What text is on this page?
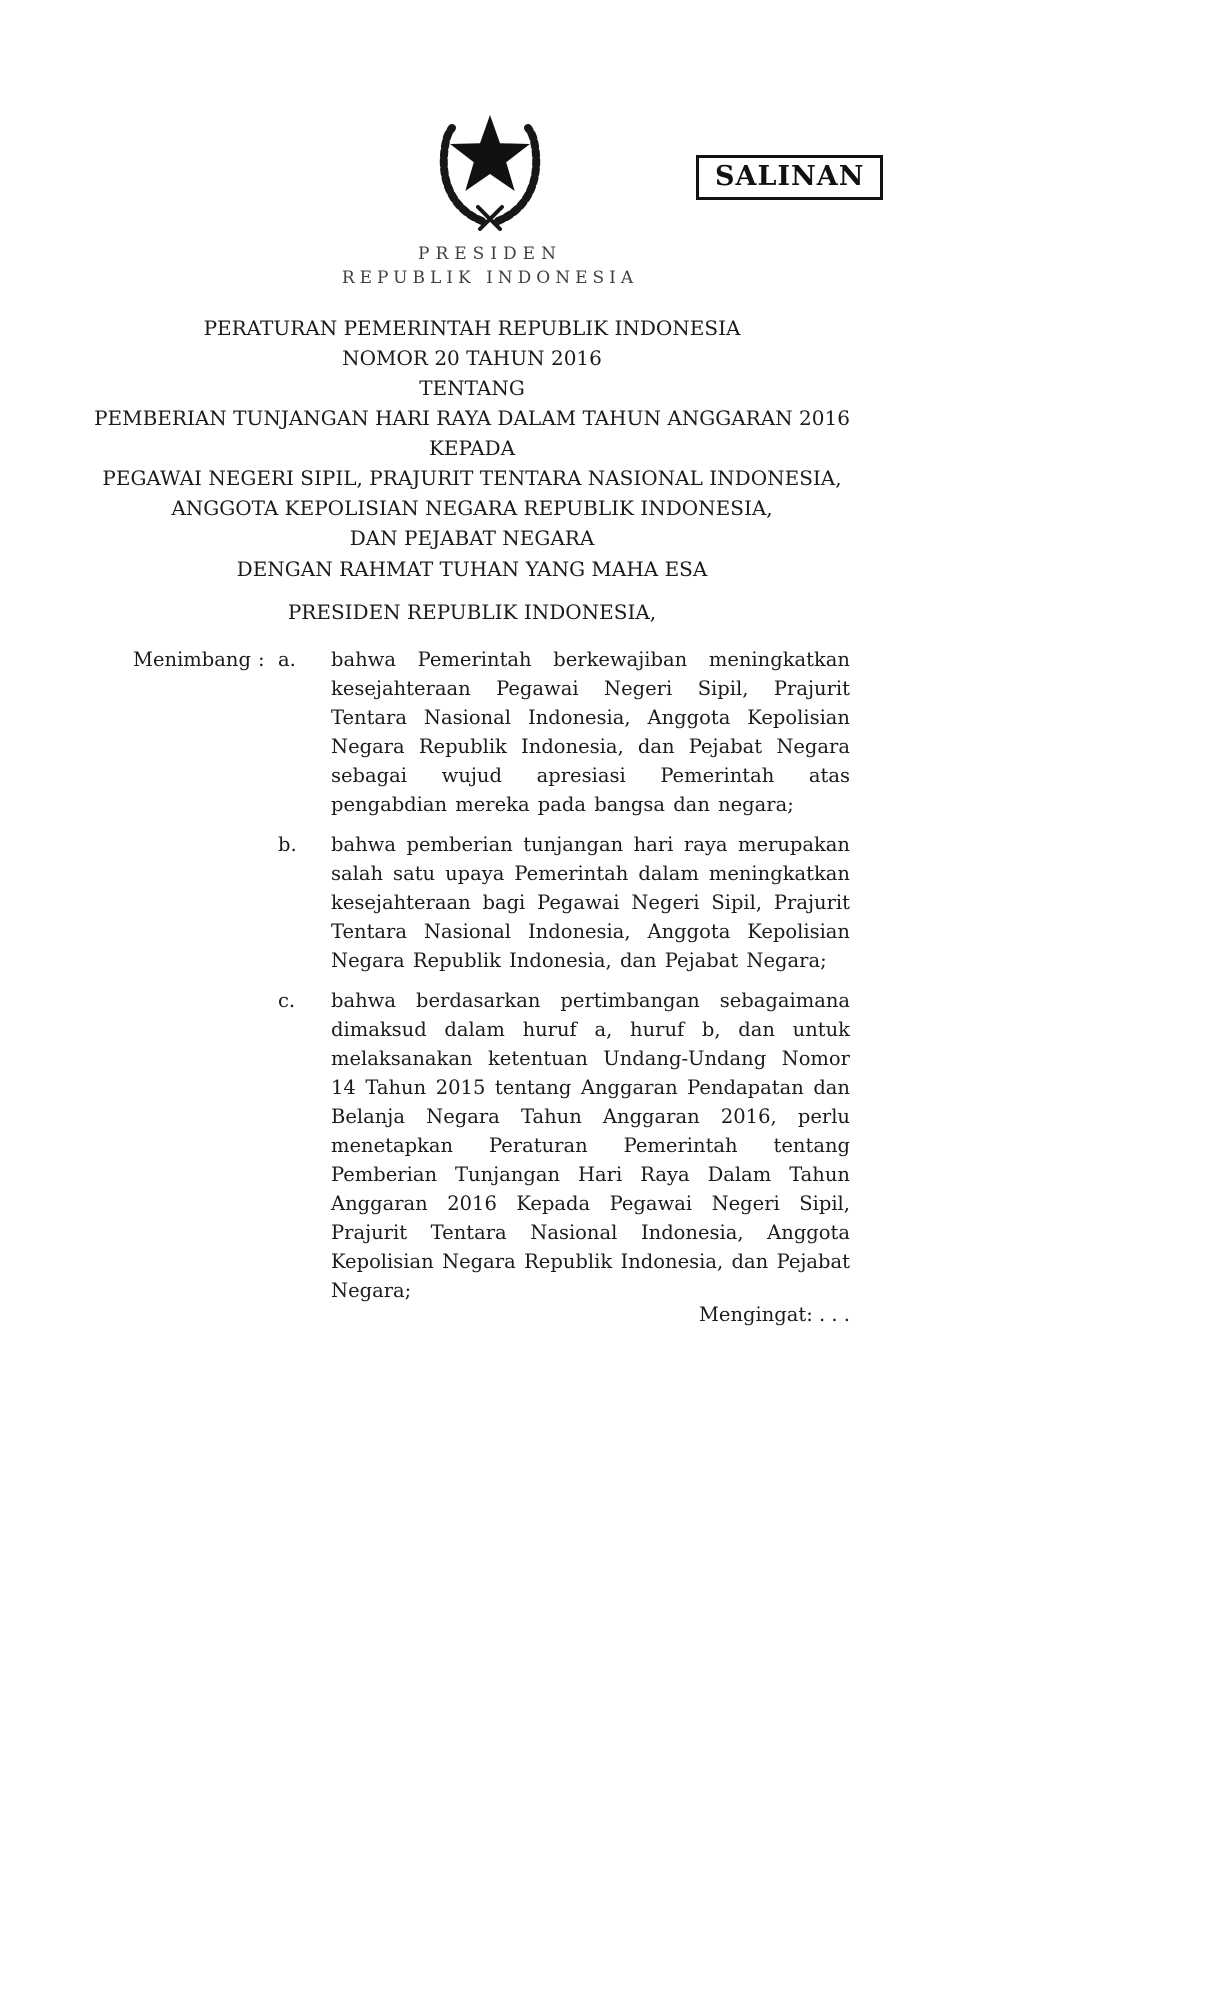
SALINAN
PRESIDEN
REPUBLIK INDONESIA
PERATURAN PEMERINTAH REPUBLIK INDONESIA
NOMOR 20 TAHUN 2016
TENTANG
PEMBERIAN TUNJANGAN HARI RAYA DALAM TAHUN ANGGARAN 2016 KEPADA
PEGAWAI NEGERI SIPIL, PRAJURIT TENTARA NASIONAL INDONESIA,
ANGGOTA KEPOLISIAN NEGARA REPUBLIK INDONESIA,
DAN PEJABAT NEGARA
DENGAN RAHMAT TUHAN YANG MAHA ESA
PRESIDEN REPUBLIK INDONESIA,
Menimbang : a.	bahwa Pemerintah berkewajiban meningkatkan kesejahteraan Pegawai Negeri Sipil, Prajurit Tentara Nasional Indonesia, Anggota Kepolisian Negara Republik Indonesia, dan Pejabat Negara sebagai wujud apresiasi Pemerintah atas pengabdian mereka pada bangsa dan negara;

b.	bahwa pemberian tunjangan hari raya merupakan salah satu upaya Pemerintah dalam meningkatkan kesejahteraan bagi Pegawai Negeri Sipil, Prajurit Tentara Nasional Indonesia, Anggota Kepolisian Negara Republik Indonesia, dan Pejabat Negara;

c.	bahwa berdasarkan pertimbangan sebagaimana dimaksud dalam huruf a, huruf b, dan untuk melaksanakan ketentuan Undang-Undang Nomor 14 Tahun 2015 tentang Anggaran Pendapatan dan Belanja Negara Tahun Anggaran 2016, perlu menetapkan Peraturan Pemerintah tentang Pemberian Tunjangan Hari Raya Dalam Tahun Anggaran 2016 Kepada Pegawai Negeri Sipil, Prajurit Tentara Nasional Indonesia, Anggota Kepolisian Negara Republik Indonesia, dan Pejabat Negara;

Mengingat: . . .
